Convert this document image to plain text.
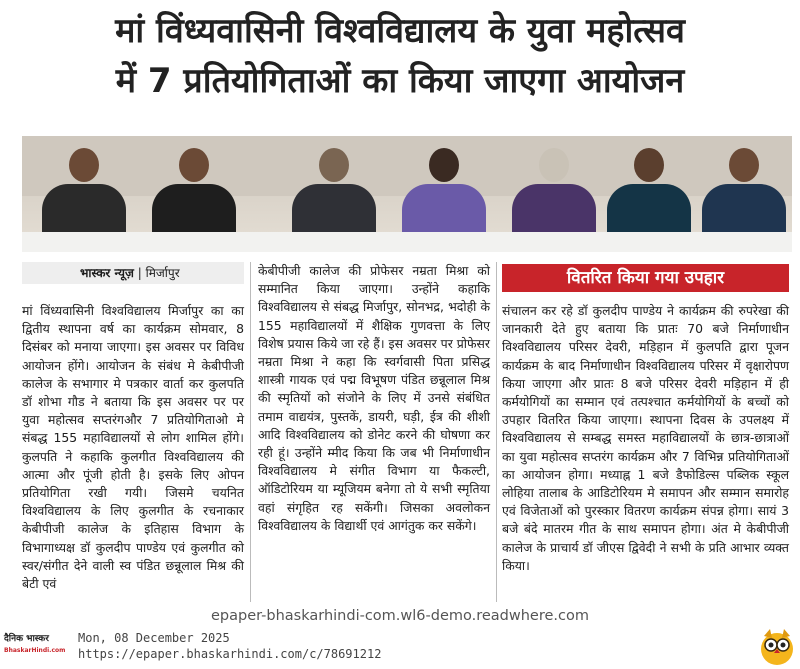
मां विंध्यवासिनी विश्वविद्यालय के युवा महोत्सव
में 7 प्रतियोगिताओं का किया जाएगा आयोजन
भास्कर न्यूज़ | मिर्जापुर

मां विंध्यवासिनी विश्वविद्यालय मिर्जापुर का का द्वितीय स्थापना वर्ष का कार्यक्रम सोमवार, 8 दिसंबर को मनाया जाएगा। इस अवसर पर विविध आयोजन होंगे। आयोजन के संबंध मे केबीपीजी कालेज के सभागार मे पत्रकार वार्ता कर कुलपति डॉ शोभा गौड ने बताया कि इस अवसर पर पर युवा महोत्सव सप्तरंगऔर 7 प्रतियोगिताओ मे संबद्ध 155 महाविद्यालयों से लोग शामिल होंगे। कुलपति ने कहाकि कुलगीत विश्वविद्यालय की आत्मा और पूंजी होती है। इसके लिए ओपन प्रतियोगिता रखी गयी। जिसमे चयनित विश्वविद्यालय के लिए कुलगीत के रचनाकार केबीपीजी कालेज के इतिहास विभाग के विभागाध्यक्ष डॉ कुलदीप पाण्डेय एवं कुलगीत को स्वर/संगीत देने वाली स्व पंडित छन्नूलाल मिश्र की बेटी एवं

केबीपीजी कालेज की प्रोफेसर नम्रता मिश्रा को सम्मानित किया जाएगा। उन्होंने कहाकि विश्वविद्यालय से संबद्ध मिर्जापुर, सोनभद्र, भदोही के 155 महाविद्यालयों में शैक्षिक गुणवत्ता के लिए विशेष प्रयास किये जा रहे हैं। इस अवसर पर प्रोफेसर नम्रता मिश्रा ने कहा कि स्वर्गवासी पिता प्रसिद्ध शास्त्री गायक एवं पद्म विभूषण पंडित छन्नूलाल मिश्र की स्मृतियों को संजोने के लिए में उनसे संबंधित तमाम वाद्ययंत्र, पुस्तकें, डायरी, घड़ी, ईत्र की शीशी आदि विश्वविद्यालय को डोनेट करने की घोषणा कर रही हूं। उन्होंने म्मीद किया कि जब भी निर्माणाधीन विश्वविद्यालय मे संगीत विभाग या फैकल्टी, ऑडिटोरियम या म्यूजियम बनेगा तो ये सभी स्मृतिया वहां संगृहित रह सकेंगी। जिसका अवलोकन विश्वविद्यालय के विद्यार्थी एवं आगंतुक कर सकेंगे।

वितरित किया गया उपहार

संचालन कर रहे डॉ कुलदीप पाण्डेय ने कार्यक्रम की रुपरेखा की जानकारी देते हुए बताया कि प्रातः 70 बजे निर्माणाधीन विश्वविद्यालय परिसर देवरी, मड़िहान में कुलपति द्वारा पूजन कार्यक्रम के बाद निर्माणाधीन विश्वविद्यालय परिसर में वृक्षारोपण किया जाएगा और प्रातः 8 बजे परिसर देवरी मड़िहान में ही कर्मयोगियों का सम्मान एवं तत्पश्चात कर्मयोगियों के बच्चों को उपहार वितरित किया जाएगा। स्थापना दिवस के उपलक्ष्य में विश्वविद्यालय से सम्बद्ध समस्त महाविद्यालयों के छात्र-छात्राओं का युवा महोत्सव सप्तरंग कार्यक्रम और 7 विभिन्न प्रतियोगिताओं का आयोजन होगा। मध्याह्न 1 बजे डैफोडिल्स पब्लिक स्कूल लोहिया तालाब के आडिटोरियम मे समापन और सम्मान समारोह एवं विजेताओं को पुरस्कार वितरण कार्यक्रम संपन्न होगा। सायं 3 बजे बंदे मातरम गीत के साथ समापन होगा। अंत मे केबीपीजी कालेज के प्राचार्य डॉ जीएस द्विवेदी ने सभी के प्रति आभार व्यक्त किया।

epaper-bhaskarhindi-com.wl6-demo.readwhere.com
दैनिक भास्कर
BhaskarHindi.com
Mon, 08 December 2025
https://epaper.bhaskarhindi.com/c/78691212
